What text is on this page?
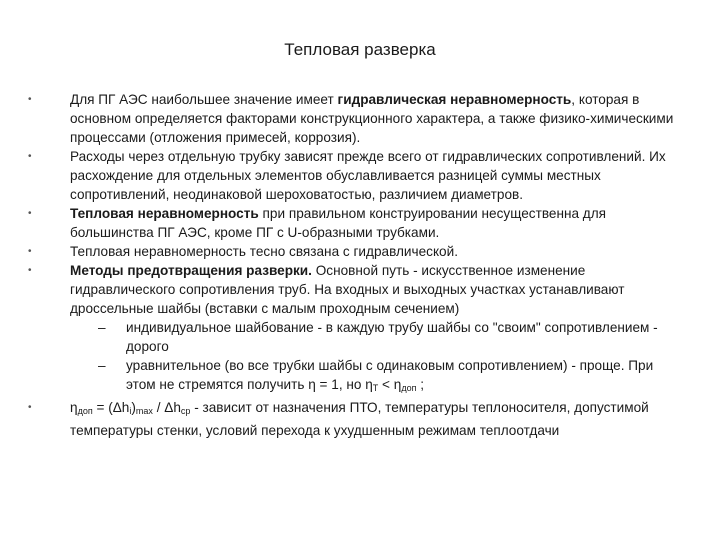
Тепловая разверка
•	Для ПГ АЭС наибольшее значение имеет гидравлическая неравномерность, которая в основном определяется факторами конструкционного характера, а также физико-химическими процессами (отложения примесей, коррозия).
•	Расходы через отдельную трубку зависят прежде всего от гидравлических сопротивлений. Их расхождение для отдельных элементов обуславливается разницей суммы местных сопротивлений, неодинаковой шероховатостью, различием диаметров.
•	Тепловая неравномерность при правильном конструировании несущественна для большинства ПГ АЭС, кроме ПГ с U-образными трубками.
•	Тепловая неравномерность тесно связана с гидравлической.
•	Методы предотвращения разверки. Основной путь - искусственное изменение гидравлического сопротивления труб. На входных и выходных участках устанавливают дроссельные шайбы (вставки с малым проходным сечением)
– индивидуальное шайбование - в каждую трубу шайбы со "своим" сопротивлением - дорого
– уравнительное (во все трубки шайбы с одинаковым сопротивлением) - проще. При этом не стремятся получить η = 1, но $\eta_T < \eta_{доп}$ ;
•	$\eta_{доп} = (\Delta h_i)_{max} / \Delta h_{ср}$ - зависит от назначения ПТО, температуры теплоносителя, допустимой температуры стенки, условий перехода к ухудшенным режимам теплоотдачи
